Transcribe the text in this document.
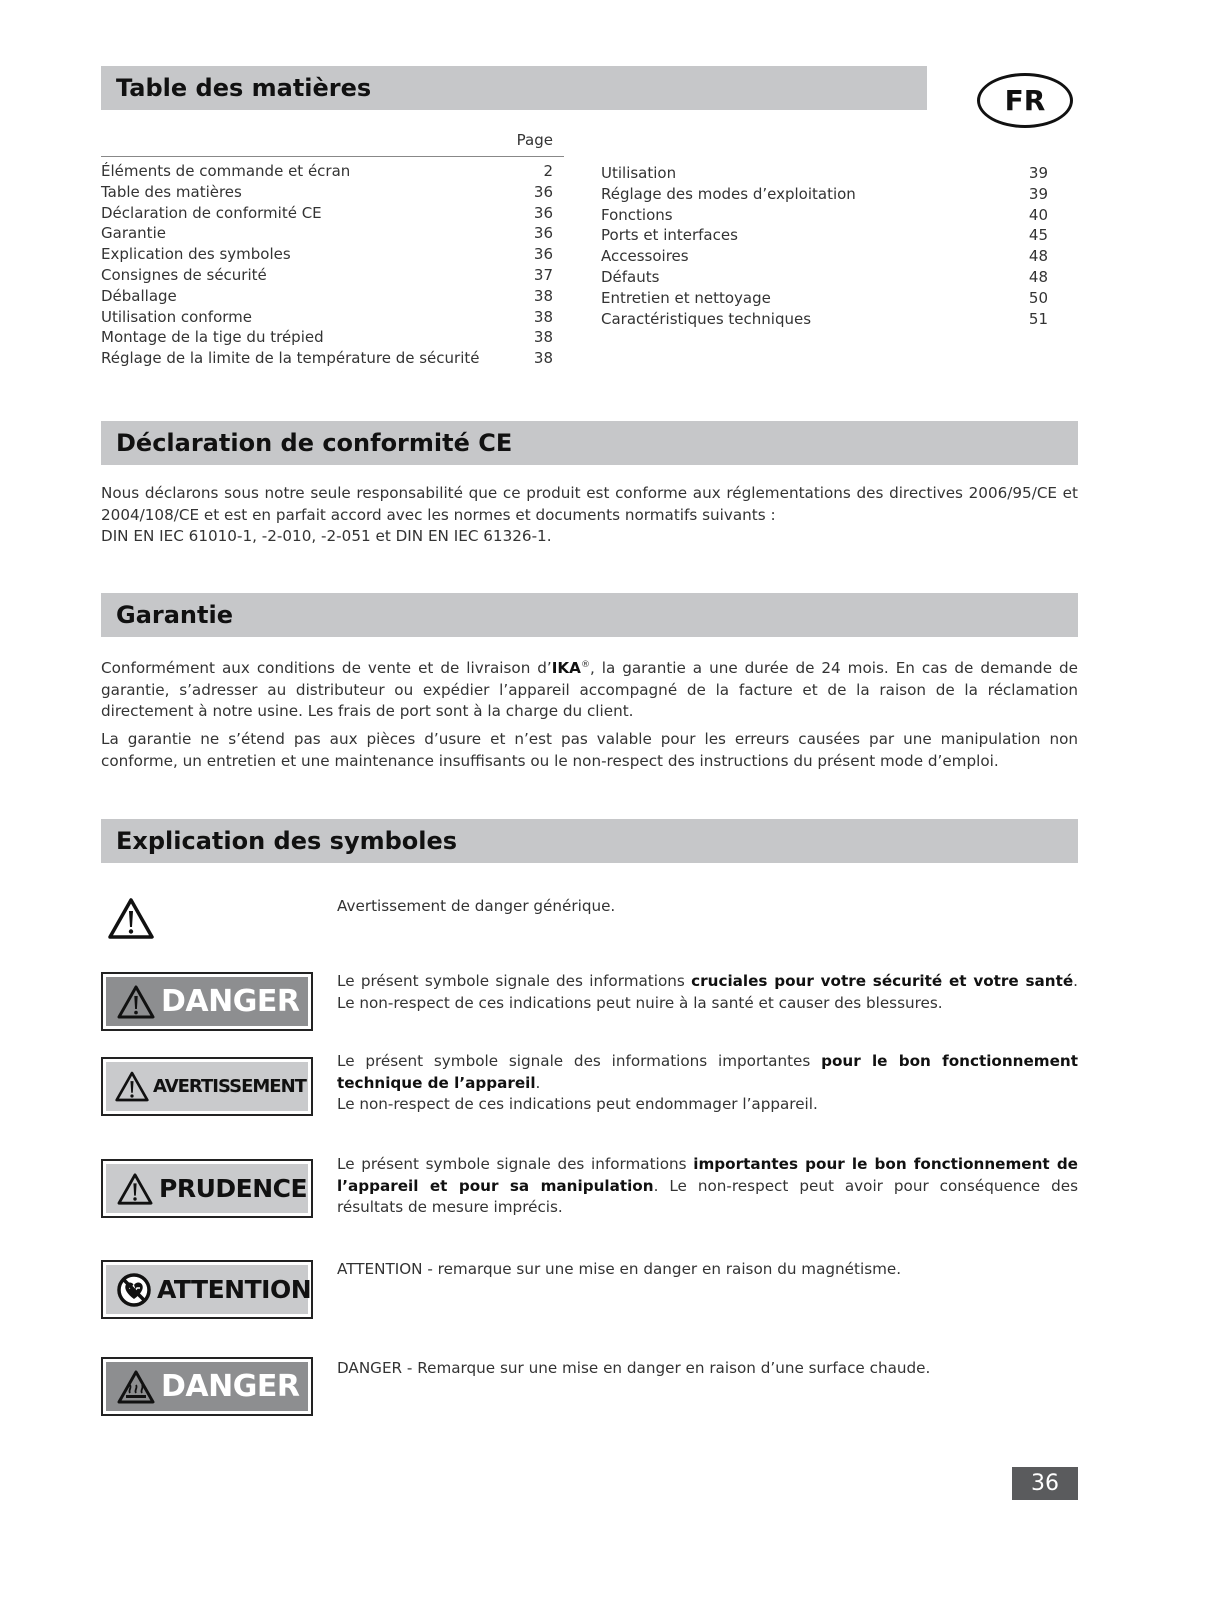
Table des matières	FR
Page
Éléments de commande et écran	2
Table des matières	36
Déclaration de conformité CE	36
Garantie	36
Explication des symboles	36
Consignes de sécurité	37
Déballage	38
Utilisation conforme	38
Montage de la tige du trépied	38
Réglage de la limite de la température de sécurité	38
Utilisation	39
Réglage des modes d’exploitation	39
Fonctions	40
Ports et interfaces	45
Accessoires	48
Défauts	48
Entretien et nettoyage	50
Caractéristiques techniques	51
Déclaration de conformité CE

Nous déclarons sous notre seule responsabilité que ce produit est conforme aux réglementations des directives 2006/95/CE et 2004/108/CE et est en parfait accord avec les normes et documents normatifs suivants :
DIN EN IEC 61010-1, -2-010, -2-051 et DIN EN IEC 61326-1.

Garantie

Conformément aux conditions de vente et de livraison d’IKA®, la garantie a une durée de 24 mois. En cas de demande de garantie, s’adresser au distributeur ou expédier l’appareil accompagné de la facture et de la raison de la réclamation directement à notre usine. Les frais de port sont à la charge du client.

La garantie ne s’étend pas aux pièces d’usure et n’est pas valable pour les erreurs causées par une manipulation non conforme, un entretien et une maintenance insuffisants ou le non-respect des instructions du présent mode d’emploi.

Explication des symboles

Avertissement de danger générique.

DANGER

Le présent symbole signale des informations cruciales pour votre sécurité et votre santé. Le non-respect de ces indications peut nuire à la santé et causer des blessures.

AVERTISSEMENT

Le présent symbole signale des informations importantes pour le bon fonctionnement technique de l’appareil.
Le non-respect de ces indications peut endommager l’appareil.

PRUDENCE

Le présent symbole signale des informations importantes pour le bon fonctionnement de l’appareil et pour sa manipulation. Le non-respect peut avoir pour conséquence des résultats de mesure imprécis.

ATTENTION

ATTENTION - remarque sur une mise en danger en raison du magnétisme.

DANGER

DANGER - Remarque sur une mise en danger en raison d’une surface chaude.

36
